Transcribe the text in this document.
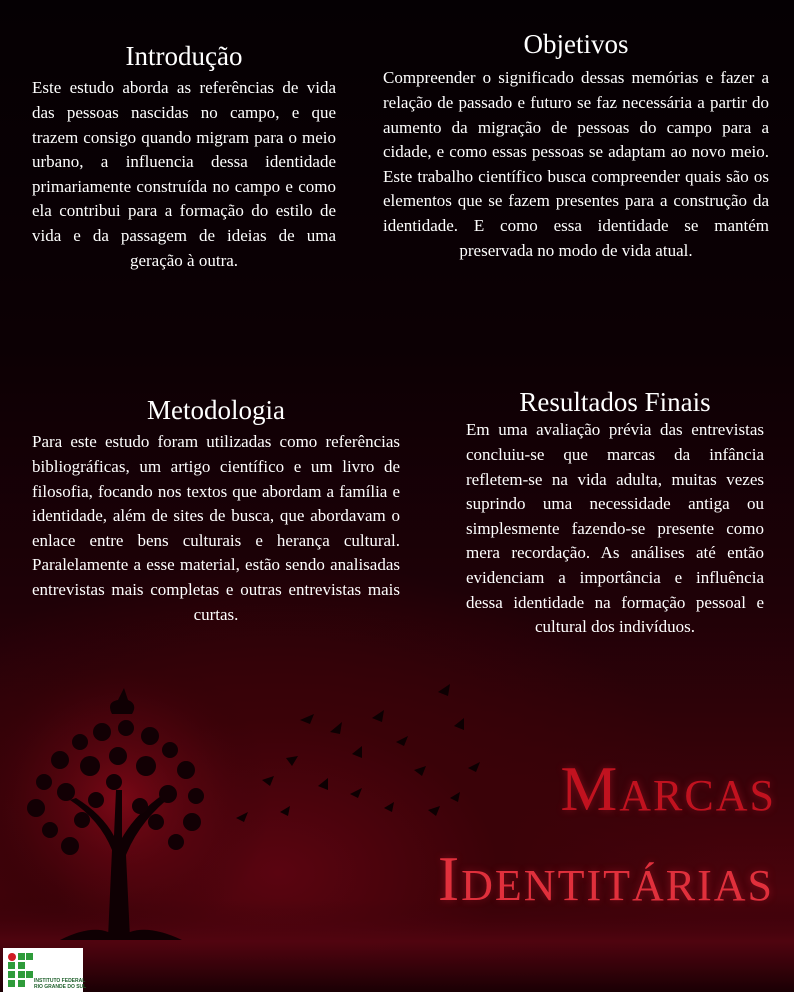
Introdução

Este estudo aborda as referências de vida das pessoas nascidas no campo, e que trazem consigo quando migram para o meio urbano, a influencia dessa identidade primariamente construída no campo e como ela contribui para a formação do estilo de vida e da passagem de ideias de uma geração à outra.

Objetivos

Compreender o significado dessas memórias e fazer a relação de passado e futuro se faz necessária a partir do aumento da migração de pessoas do campo para a cidade, e como essas pessoas se adaptam ao novo meio. Este trabalho científico busca compreender quais são os elementos que se fazem presentes para a construção da identidade. E como essa identidade se mantém preservada no modo de vida atual.

Metodologia

Para este estudo foram utilizadas como referências bibliográficas, um artigo científico e um livro de filosofia, focando nos textos que abordam a família e identidade, além de sites de busca, que abordavam o enlace entre bens culturais e herança cultural. Paralelamente a esse material, estão sendo analisadas entrevistas mais completas e outras entrevistas mais curtas.

Resultados Finais

Em uma avaliação prévia das entrevistas concluiu-se que marcas da infância refletem-se na vida adulta, muitas vezes suprindo uma necessidade antiga ou simplesmente fazendo-se presente como mera recordação. As análises até então evidenciam a importância e influência dessa identidade na formação pessoal e cultural dos indivíduos.

MARCAS
IDENTITÁRIAS
INSTITUTO FEDERAL
RIO GRANDE DO SUL
